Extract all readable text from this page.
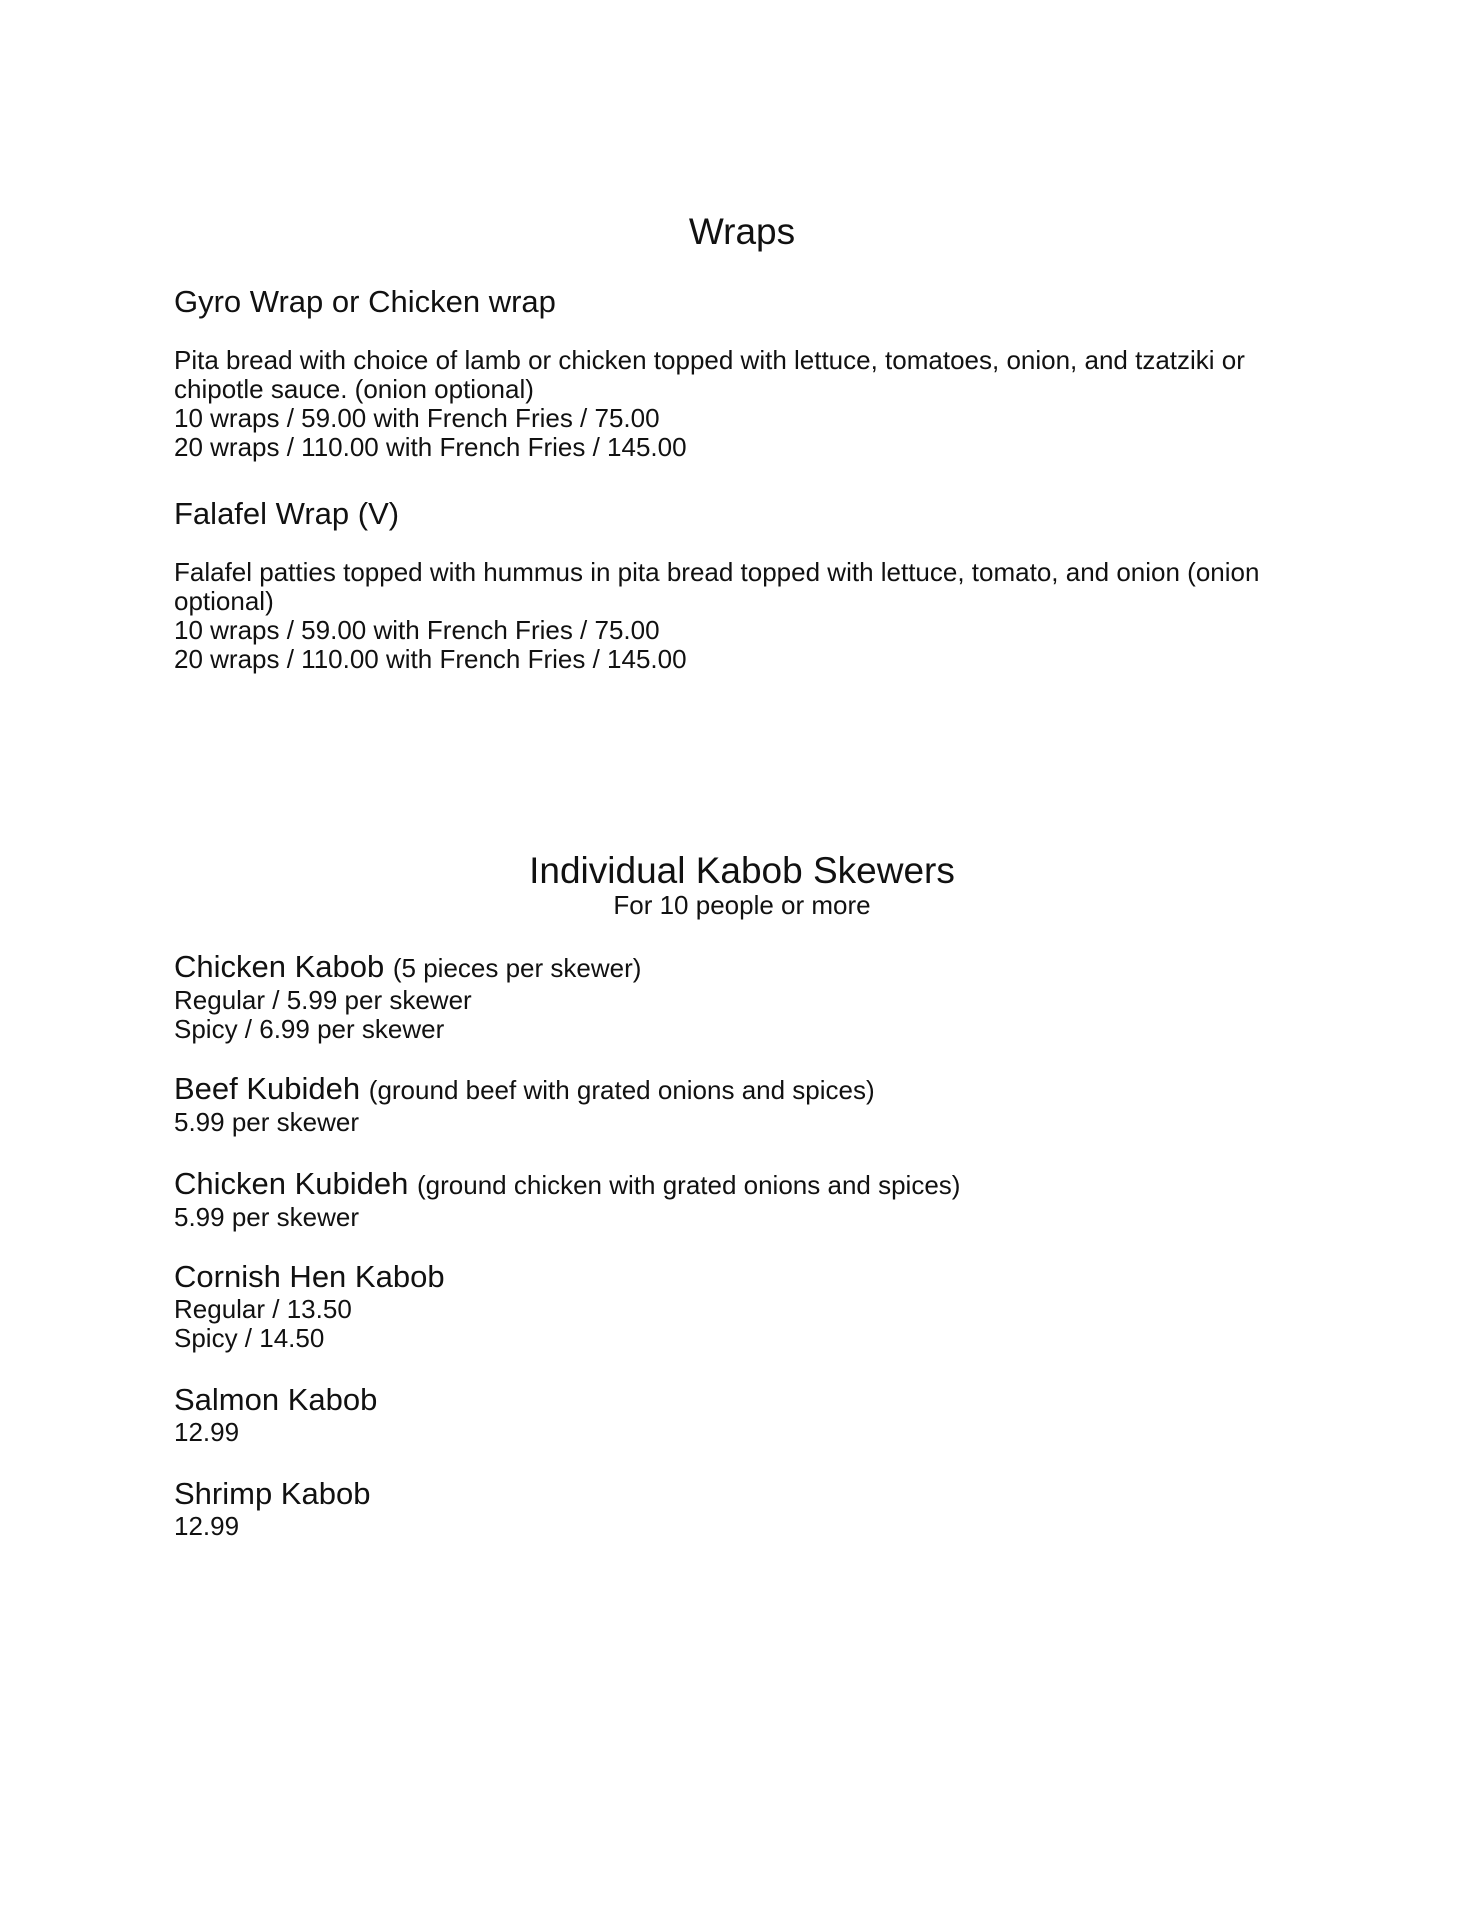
Wraps
Gyro Wrap or Chicken wrap
Pita bread with choice of lamb or chicken topped with lettuce, tomatoes, onion, and tzatziki or chipotle sauce. (onion optional)
10 wraps / 59.00 with French Fries / 75.00
20 wraps / 110.00 with French Fries / 145.00
Falafel Wrap (V)
Falafel patties topped with hummus in pita bread topped with lettuce, tomato, and onion (onion optional)
10 wraps / 59.00 with French Fries / 75.00
20 wraps / 110.00 with French Fries / 145.00
Individual Kabob Skewers
For 10 people or more
Chicken Kabob (5 pieces per skewer)
Regular / 5.99 per skewer
Spicy / 6.99 per skewer
Beef Kubideh (ground beef with grated onions and spices)
5.99 per skewer
Chicken Kubideh (ground chicken with grated onions and spices)
5.99 per skewer
Cornish Hen Kabob
Regular / 13.50
Spicy / 14.50
Salmon Kabob
12.99
Shrimp Kabob
12.99
